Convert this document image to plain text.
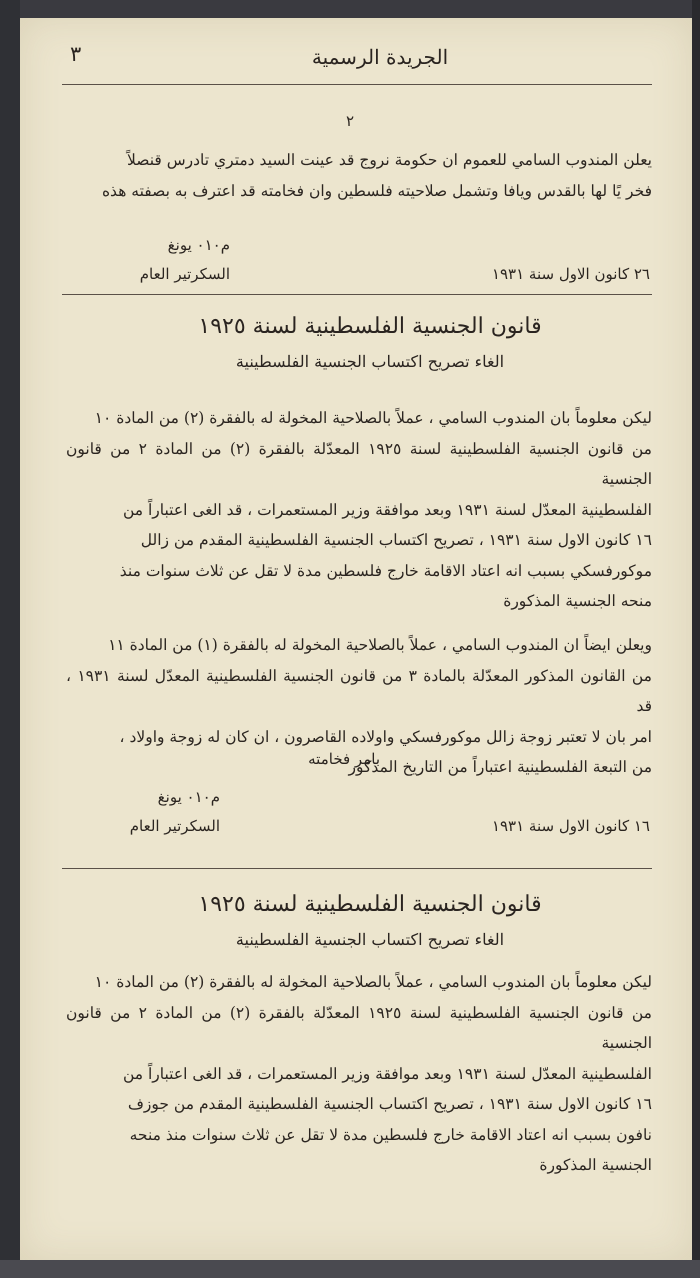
٣	الجريدة الرسمية
٢
يعلن المندوب السامي للعموم ان حكومة نروج قد عينت السيد دمتري تادرس قنصلاً
فخر يًا لها بالقدس ويافا وتشمل صلاحيته فلسطين وان فخامته قد اعترف به بصفته هذه
م٠١٠ يونغ
السكرتير العام	٢٦ كانون الاول سنة ١٩٣١
قانون الجنسية الفلسطينية لسنة ١٩٢٥
الغاء تصريح اكتساب الجنسية الفلسطينية
ليكن معلوماً بان المندوب السامي ، عملاً بالصلاحية المخولة له بالفقرة (٢) من المادة ١٠
من قانون الجنسية الفلسطينية لسنة ١٩٢٥ المعدّلة بالفقرة (٢) من المادة ٢ من قانون الجنسية
الفلسطينية المعدّل لسنة ١٩٣١ وبعد موافقة وزير المستعمرات ، قد الغى اعتباراً من
١٦ كانون الاول سنة ١٩٣١ ، تصريح اكتساب الجنسية الفلسطينية المقدم من زالل
موكورفسكي بسبب انه اعتاد الاقامة خارج فلسطين مدة لا تقل عن ثلاث سنوات منذ
منحه الجنسية المذكورة
ويعلن ايضاً ان المندوب السامي ، عملاً بالصلاحية المخولة له بالفقرة (١) من المادة ١١
من القانون المذكور المعدّلة بالمادة ٣ من قانون الجنسية الفلسطينية المعدّل لسنة ١٩٣١ ، قد
امر بان لا تعتبر زوجة زالل موكورفسكي واولاده القاصرون ، ان كان له زوجة واولاد ،
من التبعة الفلسطينية اعتباراً من التاريخ المذكور
بامر فخامته
م٠١٠ يونغ
السكرتير العام	١٦ كانون الاول سنة ١٩٣١
قانون الجنسية الفلسطينية لسنة ١٩٢٥
الغاء تصريح اكتساب الجنسية الفلسطينية
ليكن معلوماً بان المندوب السامي ، عملاً بالصلاحية المخولة له بالفقرة (٢) من المادة ١٠
من قانون الجنسية الفلسطينية لسنة ١٩٢٥ المعدّلة بالفقرة (٢) من المادة ٢ من قانون الجنسية
الفلسطينية المعدّل لسنة ١٩٣١ وبعد موافقة وزير المستعمرات ، قد الغى اعتباراً من
١٦ كانون الاول سنة ١٩٣١ ، تصريح اكتساب الجنسية الفلسطينية المقدم من جوزف
نافون بسبب انه اعتاد الاقامة خارج فلسطين مدة لا تقل عن ثلاث سنوات منذ منحه
الجنسية المذكورة
